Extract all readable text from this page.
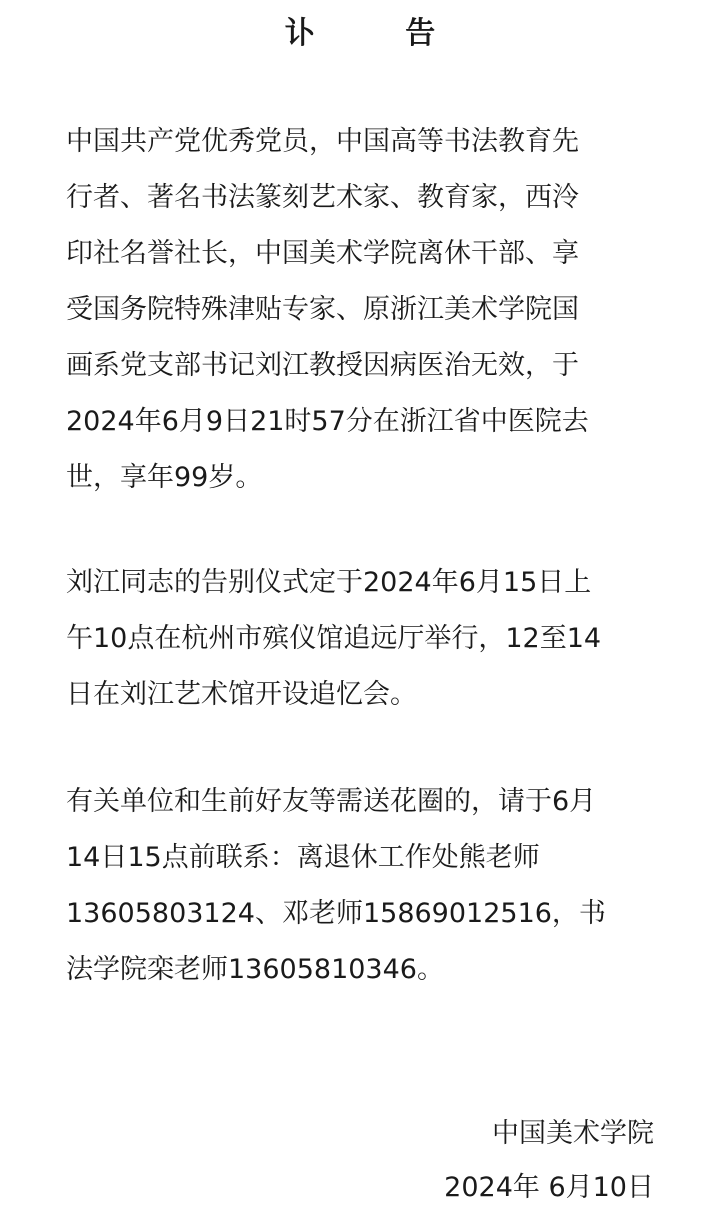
讣 告
中国共产党优秀党员，中国高等书法教育先
行者、著名书法篆刻艺术家、教育家，西泠
印社名誉社长，中国美术学院离休干部、享
受国务院特殊津贴专家、原浙江美术学院国
画系党支部书记刘江教授因病医治无效，于
2024年6月9日21时57分在浙江省中医院去
世，享年99岁。
刘江同志的告别仪式定于2024年6月15日上
午10点在杭州市殡仪馆追远厅举行，12至14
日在刘江艺术馆开设追忆会。
有关单位和生前好友等需送花圈的，请于6月
14日15点前联系：离退休工作处熊老师
13605803124、邓老师15869012516，书
法学院栾老师13605810346。
中国美术学院
2024年 6月10日
